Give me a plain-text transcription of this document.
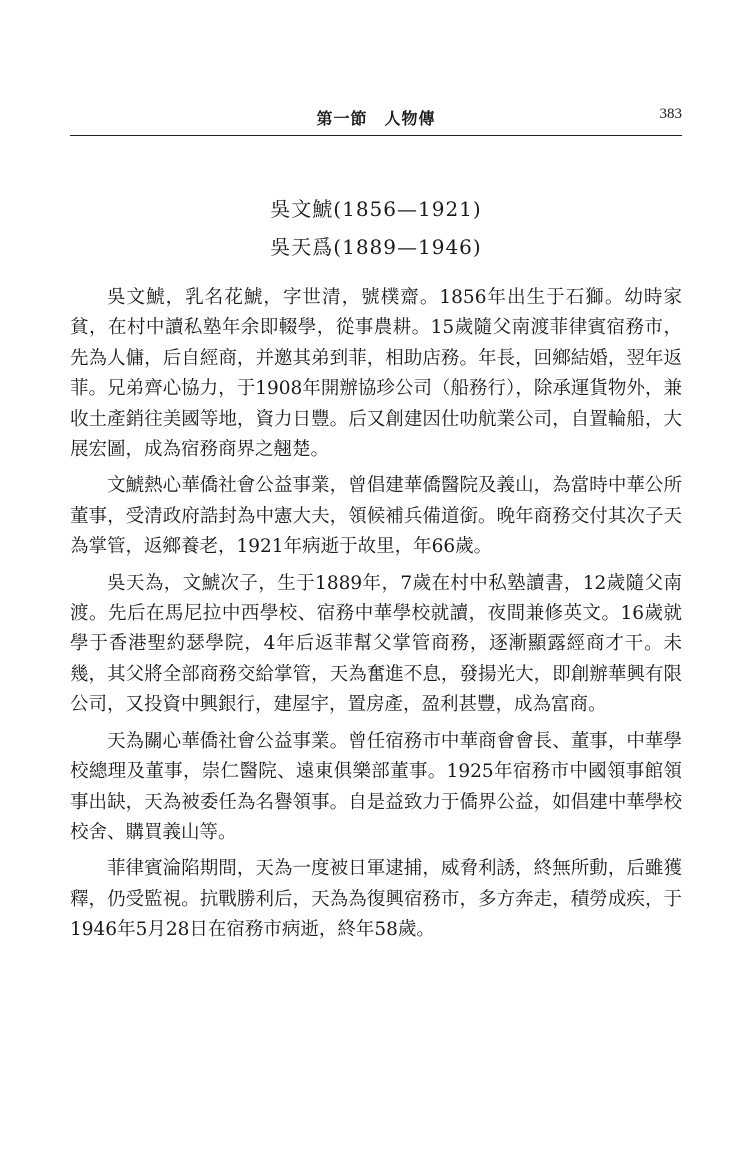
第一節　人物傳	383
吳文鯱(1856—1921)
吳天爲(1889—1946)

吳文鯱，乳名花鯱，字世清，號樸齋。1856年出生于石獅。幼時家貧，在村中讀私塾年余即輟學，從事農耕。15歲隨父南渡菲律賓宿務市，先為人傭，后自經商，并邀其弟到菲，相助店務。年長，回鄉結婚，翌年返菲。兄弟齊心協力，于1908年開辦協珍公司（船務行），除承運貨物外，兼收土產銷往美國等地，資力日豐。后又創建因仕叻航業公司，自置輪船，大展宏圖，成為宿務商界之翹楚。

文鯱熱心華僑社會公益事業，曾倡建華僑醫院及義山，為當時中華公所董事，受清政府誥封為中憲大夫，領候補兵備道銜。晚年商務交付其次子天為掌管，返鄉養老，1921年病逝于故里，年66歲。

吳天為，文鯱次子，生于1889年，7歲在村中私塾讀書，12歲隨父南渡。先后在馬尼拉中西學校、宿務中華學校就讀，夜間兼修英文。16歲就學于香港聖約瑟學院，4年后返菲幫父掌管商務，逐漸顯露經商才干。未幾，其父將全部商務交給掌管，天為奮進不息，發揚光大，即創辦華興有限公司，又投資中興銀行，建屋宇，置房產，盈利甚豐，成為富商。

天為關心華僑社會公益事業。曾任宿務市中華商會會長、董事，中華學校總理及董事，崇仁醫院、遠東俱樂部董事。1925年宿務市中國領事館領事出缺，天為被委任為名譽領事。自是益致力于僑界公益，如倡建中華學校校舍、購買義山等。

菲律賓淪陷期間，天為一度被日軍逮捕，威脅利誘，終無所動，后雖獲釋，仍受監視。抗戰勝利后，天為為復興宿務市，多方奔走，積勞成疾，于1946年5月28日在宿務市病逝，終年58歲。
